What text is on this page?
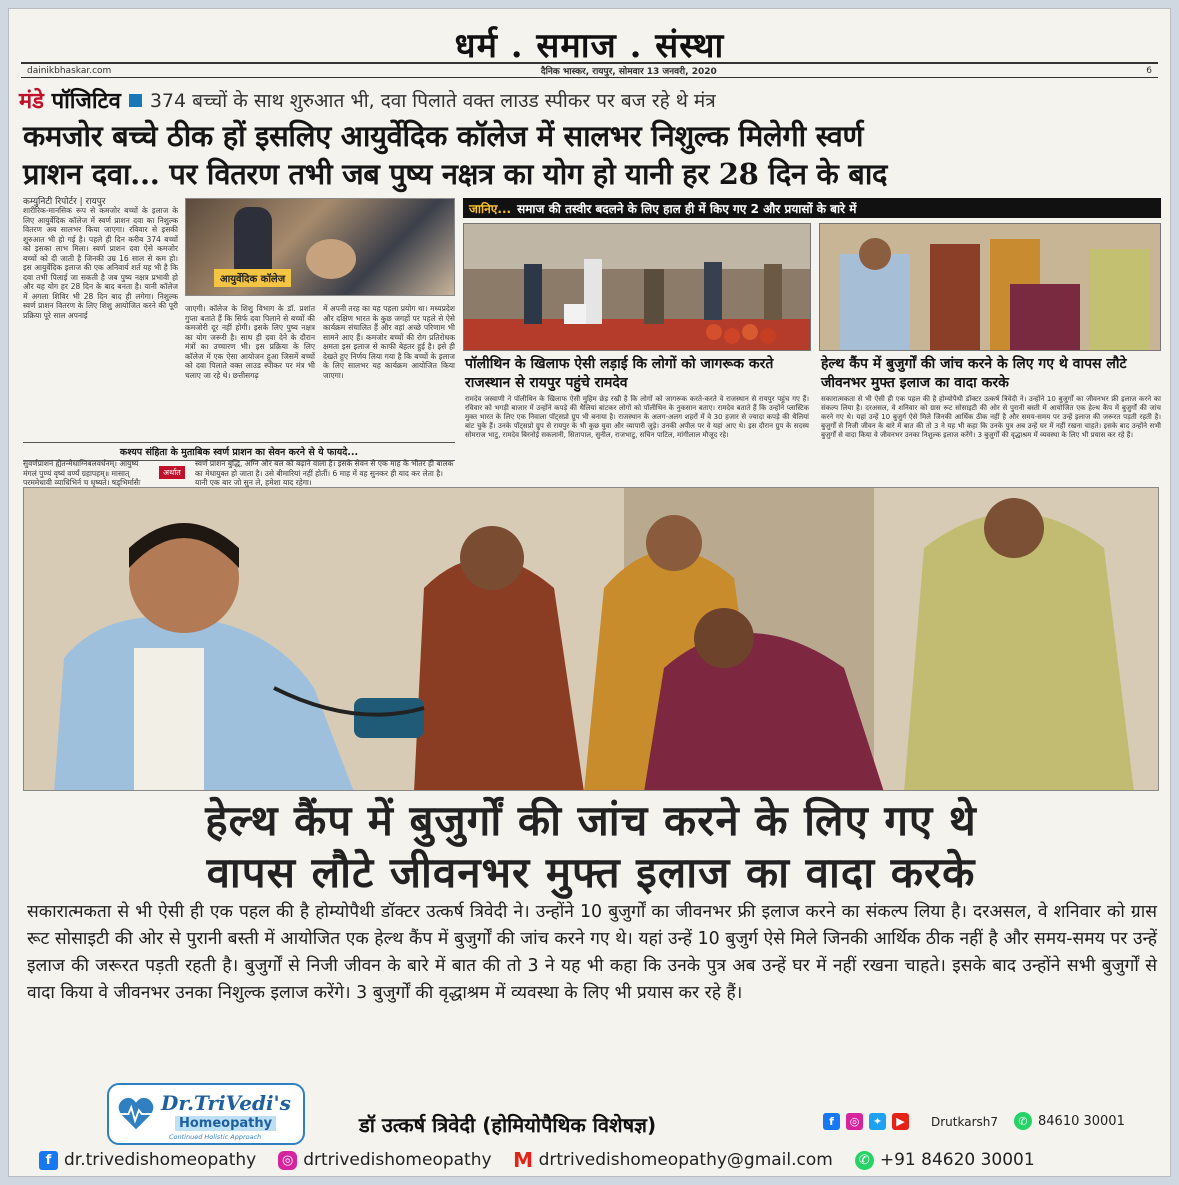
धर्म . समाज . संस्था
dainikbhaskar.com	दैनिक भास्कर, रायपुर, सोमवार 13 जनवरी, 2020	6
मंडे पॉजिटिव 374 बच्चों के साथ शुरुआत भी, दवा पिलाते वक्त लाउड स्पीकर पर बज रहे थे मंत्र
कमजोर बच्चे ठीक हों इसलिए आयुर्वेदिक कॉलेज में सालभर निशुल्क मिलेगी स्वर्ण
प्राशन दवा... पर वितरण तभी जब पुष्य नक्षत्र का योग हो यानी हर 28 दिन के बाद
कम्युनिटी रिपोर्टर | रायपुर
शारीरिक-मानसिक रूप से कमजोर बच्चों के इलाज के लिए आयुर्वेदिक कॉलेज में स्वर्ण प्राशन दवा का निशुल्क वितरण अब सालभर किया जाएगा। रविवार से इसकी शुरुआत भी हो गई है। पहले ही दिन करीब 374 बच्चों को इसका लाभ मिला। स्वर्ण प्राशन दवा ऐसे कमजोर बच्चों को दी जाती है जिनकी उम्र 16 साल से कम हो। इस आयुर्वेदिक इलाज की एक अनिवार्य शर्त यह भी है कि दवा तभी पिलाई जा सकती है जब पुष्य नक्षत्र प्रभावी हो और यह योग हर 28 दिन के बाद बनता है। यानी कॉलेज में अगला शिविर भी 28 दिन बाद ही लगेगा। निशुल्क स्वर्ण प्राशन वितरण के लिए शिशु आयोजित करने की पूरी प्रक्रिया पूरे साल अपनाई
आयुर्वेदिक कॉलेज
जाएगी। कॉलेज के शिशु विभाग के डॉ. प्रशांत गुप्ता बताते हैं कि सिर्फ दवा पिलाने से बच्चों की कमजोरी दूर नहीं होगी। इसके लिए पुष्य नक्षत्र का योग जरूरी है। साथ ही दवा देने के दौरान मंत्रों का उच्चारण भी। इस प्रक्रिया के लिए कॉलेज में एक ऐसा आयोजन हुआ जिसमें बच्चों को दवा पिलाते वक्त लाउड स्पीकर पर मंत्र भी चलाए जा रहे थे। छत्तीसगढ़
में अपनी तरह का यह पहला प्रयोग था। मध्यप्रदेश और दक्षिण भारत के कुछ जगहों पर पहले से ऐसे कार्यक्रम संचालित हैं और वहां अच्छे परिणाम भी सामने आए हैं। कमजोर बच्चों की रोग प्रतिरोधक क्षमता इस इलाज से काफी बेहतर हुई है। इसे ही देखते हुए निर्णय लिया गया है कि बच्चों के इलाज के लिए सालभर यह कार्यक्रम आयोजित किया जाएगा।
कश्यप संहिता के मुताबिक स्वर्ण प्राशन का सेवन करने से ये फायदे...
सुवर्णप्राशनं ह्येतन्मेधाग्निबलवर्धनम्। आयुष्यं मंगलं पुण्यं वृष्यं वर्ण्यं ग्रहापहम्॥ मासात् परममेधावी व्याधिभिर्न च धृष्यते। षड्भिर्मासैः
अर्थात
स्वर्ण प्राशन बुद्धि, अग्नि और बल को बढ़ाने वाला है। इसके सेवन से एक माह के भीतर ही बालक का मेधायुक्त हो जाता है। उसे बीमारियां नहीं होतीं। 6 माह में वह सुनकर ही याद कर लेता है। यानी एक बार जो सुन ले, हमेशा याद रहेगा।
जानिए... समाज की तस्वीर बदलने के लिए हाल ही में किए गए 2 और प्रयासों के बारे में
पॉलीथिन के खिलाफ ऐसी लड़ाई कि लोगों को जागरूक करते राजस्थान से रायपुर पहुंचे रामदेव
रामदेव जस्वाणी ने पॉलीथिन के खिलाफ ऐसी मुहिम छेड़ रखी है कि लोगों को जागरूक करते-करते वे राजस्थान से रायपुर पहुंच गए हैं। रविवार को भगड़ी बाजार में उन्होंने कपड़े की थैलियां बांटकर लोगों को पॉलीथिन के नुकसान बताए। रामदेव बताते हैं कि उन्होंने प्लास्टिक मुक्त भारत के लिए एक निवाला पॉट्सप्रो ग्रुप भी बनाया है। राजस्थान के अलग-अलग शहरों में वे 30 हजार से ज्यादा कपड़े की थैलियां बांट चुके हैं। उनके पॉट्सप्रो ग्रुप से रायपुर के भी कुछ युवा और व्यापारी जुड़े। उनकी अपील पर वे यहां आए थे। इस दौरान ग्रुप के सदस्य सोमराज भाटु, रामदेव बिरनोई सकलानी, सितापाल, सुनील, राजभाटु, सचिन पाटिल, मांगीलाल मौजूद रहे।
हेल्थ कैंप में बुजुर्गों की जांच करने के लिए गए थे वापस लौटे जीवनभर मुफ्त इलाज का वादा करके
सकारात्मकता से भी ऐसी ही एक पहल की है होम्योपैथी डॉक्टर उत्कर्ष त्रिवेदी ने। उन्होंने 10 बुजुर्गों का जीवनभर फ्री इलाज करने का संकल्प लिया है। दरअसल, वे शनिवार को ग्रास रूट सोसाइटी की ओर से पुरानी बस्ती में आयोजित एक हेल्थ कैंप में बुजुर्गों की जांच करने गए थे। यहां उन्हें 10 बुजुर्ग ऐसे मिले जिनकी आर्थिक ठीक नहीं है और समय-समय पर उन्हें इलाज की जरूरत पड़ती रहती है। बुजुर्गों से निजी जीवन के बारे में बात की तो 3 ने यह भी कहा कि उनके पुत्र अब उन्हें घर में नहीं रखना चाहते। इसके बाद उन्होंने सभी बुजुर्गों से वादा किया वे जीवनभर उनका निशुल्क इलाज करेंगे। 3 बुजुर्गों की वृद्धाश्रम में व्यवस्था के लिए भी प्रयास कर रहे हैं।
हेल्थ कैंप में बुजुर्गों की जांच करने के लिए गए थे
वापस लौटे जीवनभर मुफ्त इलाज का वादा करके
सकारात्मकता से भी ऐसी ही एक पहल की है होम्योपैथी डॉक्टर उत्कर्ष त्रिवेदी ने। उन्होंने 10 बुजुर्गों का जीवनभर फ्री इलाज करने का संकल्प लिया है। दरअसल, वे शनिवार को ग्रास रूट सोसाइटी की ओर से पुरानी बस्ती में आयोजित एक हेल्थ कैंप में बुजुर्गों की जांच करने गए थे। यहां उन्हें 10 बुजुर्ग ऐसे मिले जिनकी आर्थिक ठीक नहीं है और समय-समय पर उन्हें इलाज की जरूरत पड़ती रहती है। बुजुर्गों से निजी जीवन के बारे में बात की तो 3 ने यह भी कहा कि उनके पुत्र अब उन्हें घर में नहीं रखना चाहते। इसके बाद उन्होंने सभी बुजुर्गों से वादा किया वे जीवनभर उनका निशुल्क इलाज करेंगे। 3 बुजुर्गों की वृद्धाश्रम में व्यवस्था के लिए भी प्रयास कर रहे हैं।
Dr.TriVedi's
Homeopathy
Continued Holistic Approach	डॉ उत्कर्ष त्रिवेदी (होमियोपैथिक विशेषज्ञ)	f	◎	✦	▶	Drutkarsh7	✆ 84610 30001
f dr.trivedishomeopathy ◎ drtrivedishomeopathy M drtrivedishomeopathy@gmail.com	✆ +91 84620 30001
